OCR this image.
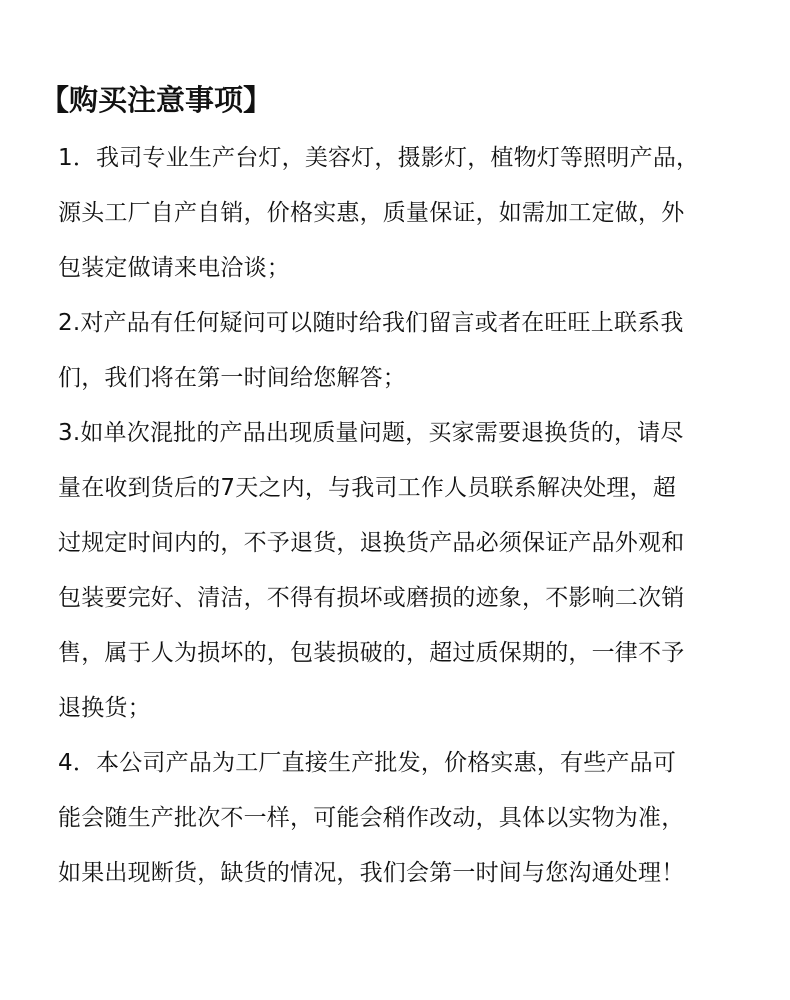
【购买注意事项】
1．我司专业生产台灯，美容灯，摄影灯，植物灯等照明产品，
源头工厂自产自销，价格实惠，质量保证，如需加工定做，外
包装定做请来电洽谈；
2.对产品有任何疑问可以随时给我们留言或者在旺旺上联系我
们，我们将在第一时间给您解答；
3.如单次混批的产品出现质量问题，买家需要退换货的，请尽
量在收到货后的7天之内，与我司工作人员联系解决处理，超
过规定时间内的，不予退货，退换货产品必须保证产品外观和
包装要完好、清洁，不得有损坏或磨损的迹象，不影响二次销
售，属于人为损坏的，包装损破的，超过质保期的，一律不予
退换货；
4．本公司产品为工厂直接生产批发，价格实惠，有些产品可
能会随生产批次不一样，可能会稍作改动，具体以实物为准，
如果出现断货，缺货的情况，我们会第一时间与您沟通处理！
